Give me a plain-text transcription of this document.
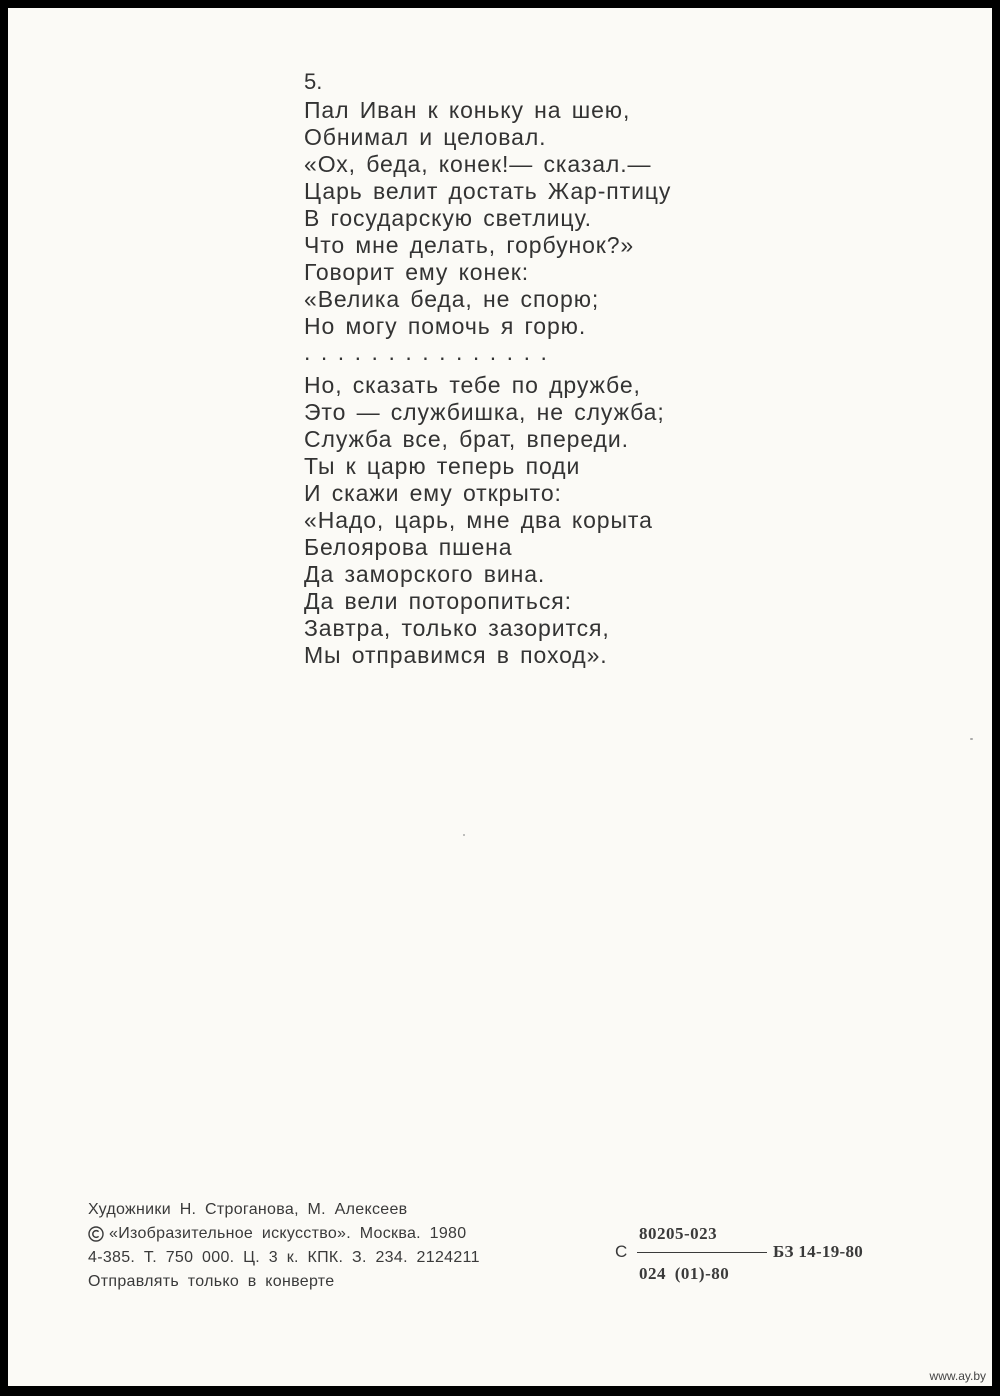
5.
Пал Иван к коньку на шею,
Обнимал и целовал.
«Ох, беда, конек!— сказал.—
Царь велит достать Жар-птицу
В государскую светлицу.
Что мне делать, горбунок?»
Говорит ему конек:
«Велика беда, не спорю;
Но могу помочь я горю.
...............
Но, сказать тебе по дружбе,
Это — службишка, не служба;
Служба все, брат, впереди.
Ты к царю теперь поди
И скажи ему открыто:
«Надо, царь, мне два корыта
Белоярова пшена
Да заморского вина.
Да вели поторопиться:
Завтра, только зазорится,
Мы отправимся в поход».
Художники Н. Строганова, М. Алексеев
«Изобразительное искусство». Москва. 1980
4-385. Т. 750 000. Ц. 3 к. КПК. З. 234. 2124211
Отправлять только в конверте
С
80205-023
024 (01)-80
БЗ 14-19-80
www.ay.by
